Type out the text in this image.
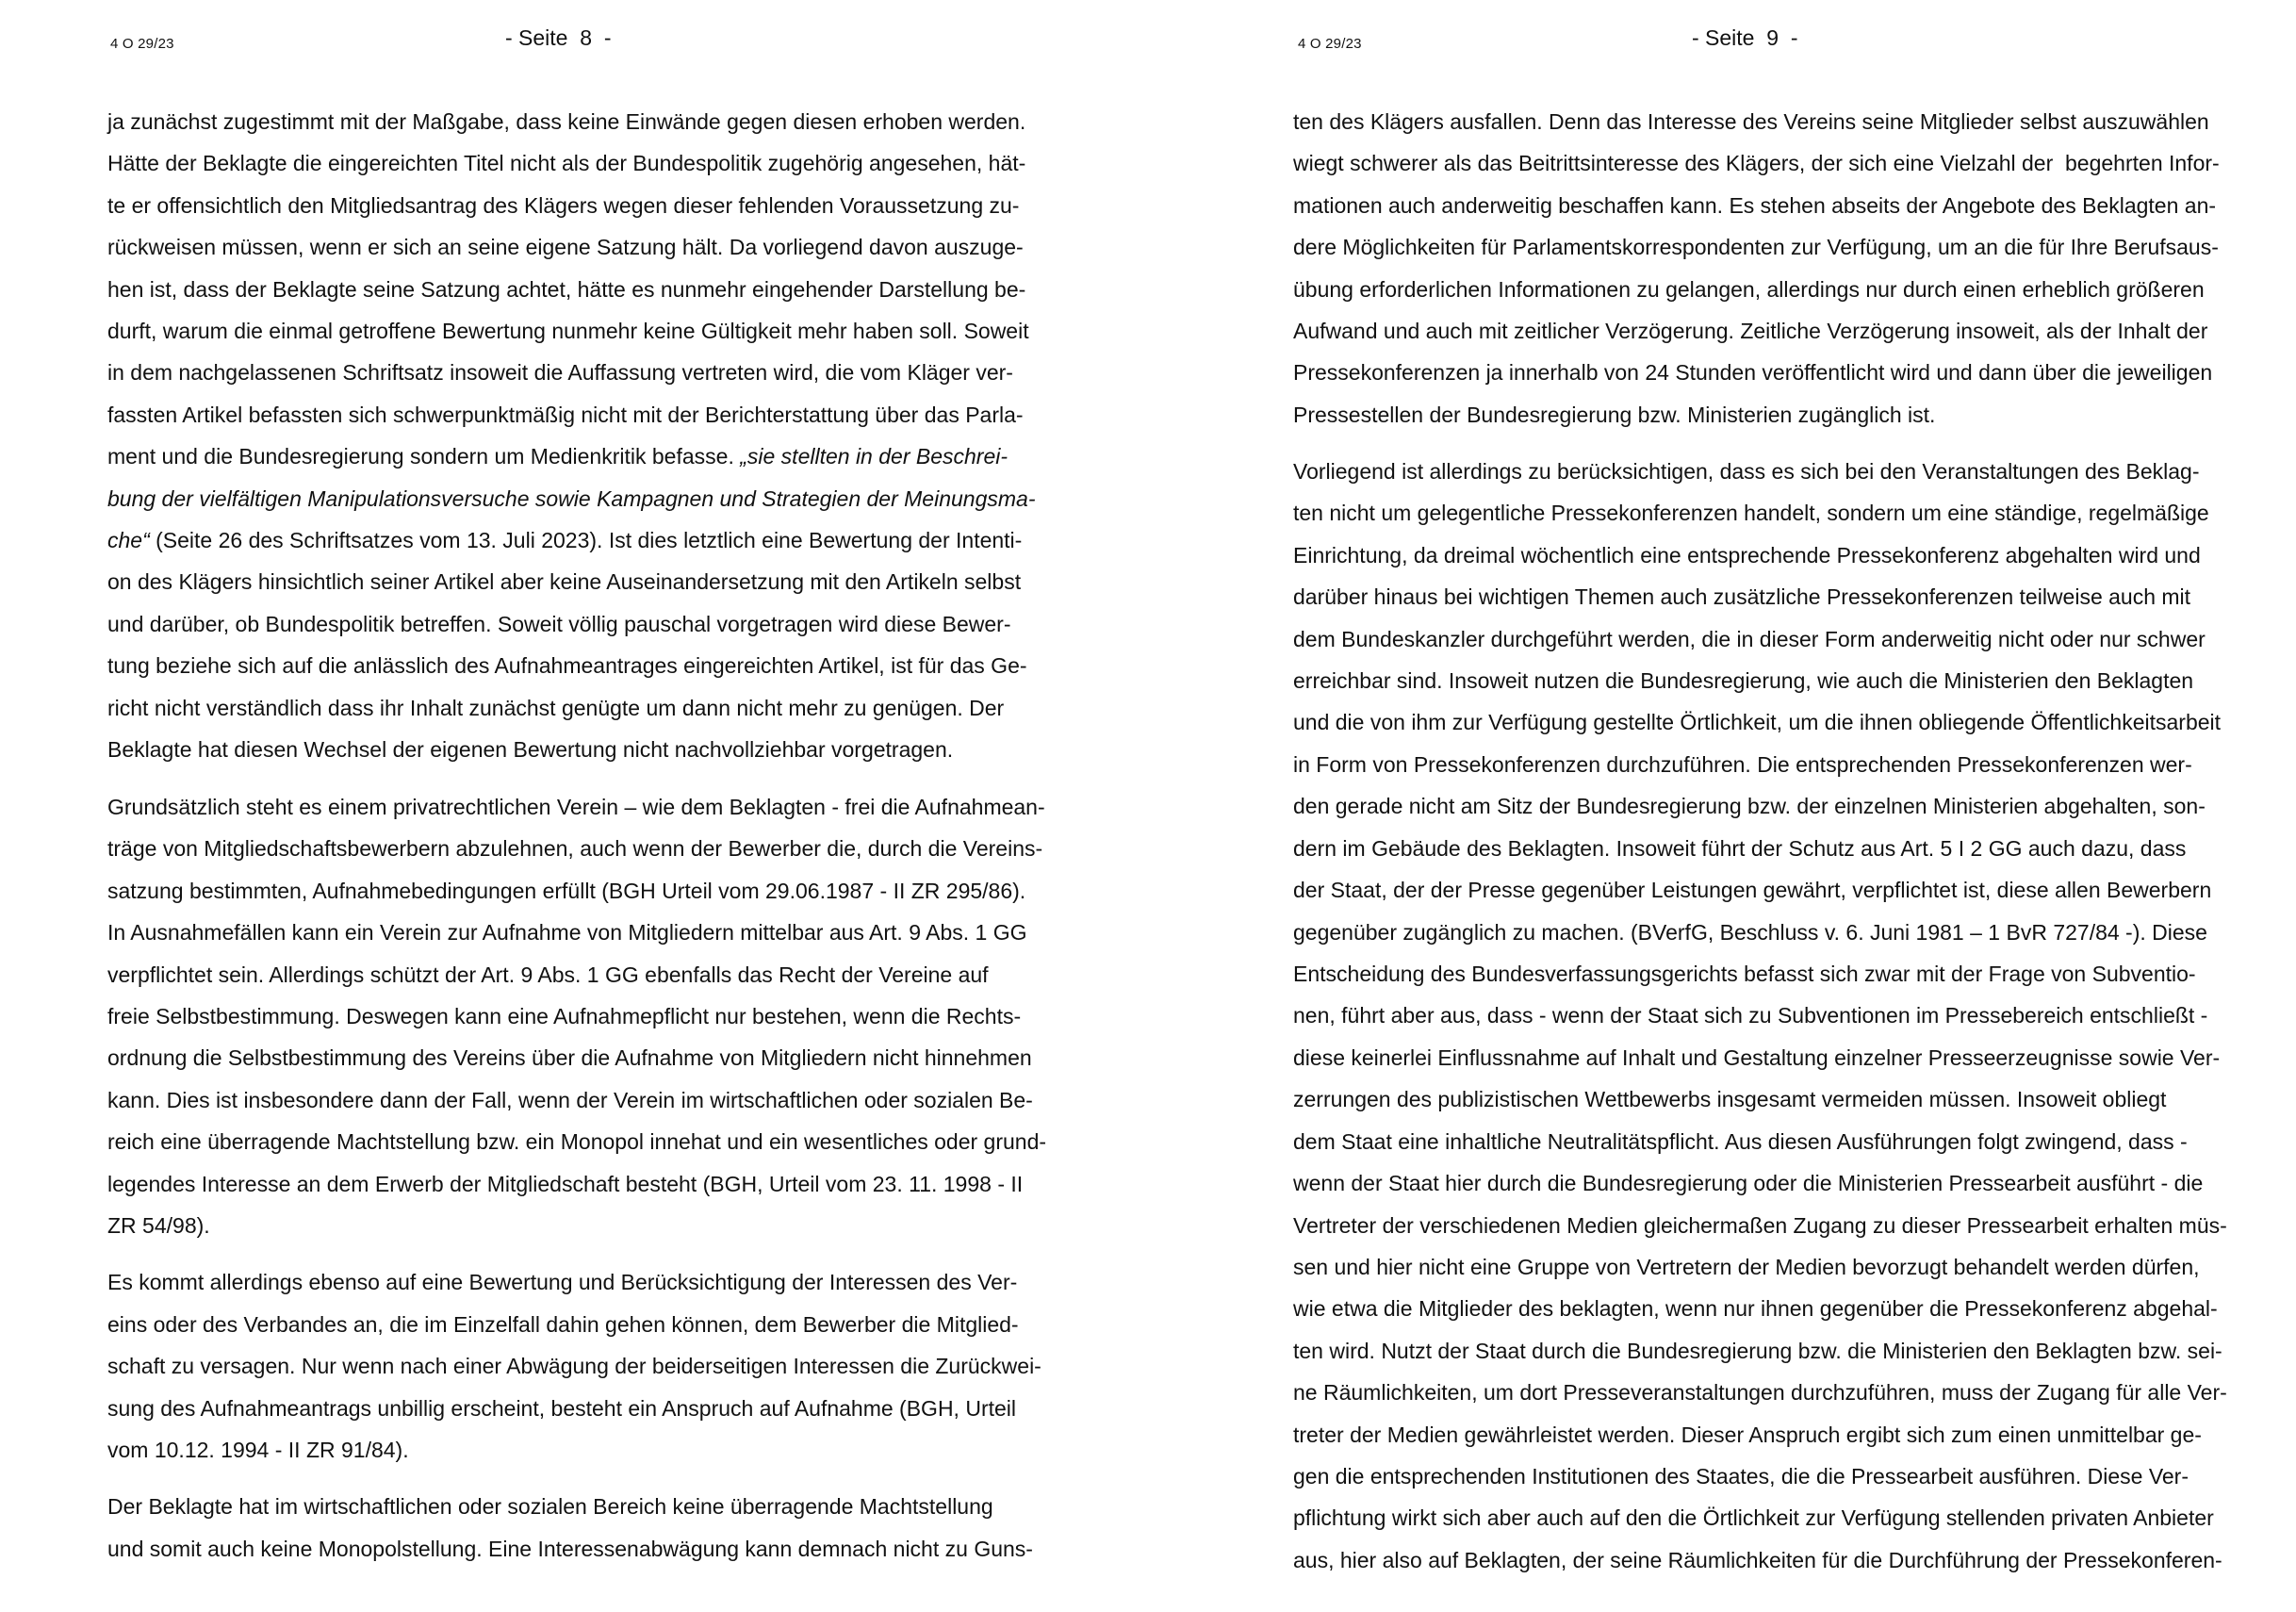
4 O 29/23	- Seite  8  -
ja zunächst zugestimmt mit der Maßgabe, dass keine Einwände gegen diesen erhoben werden.
Hätte der Beklagte die eingereichten Titel nicht als der Bundespolitik zugehörig angesehen, hät-
te er offensichtlich den Mitgliedsantrag des Klägers wegen dieser fehlenden Voraussetzung zu-
rückweisen müssen, wenn er sich an seine eigene Satzung hält. Da vorliegend davon auszuge-
hen ist, dass der Beklagte seine Satzung achtet, hätte es nunmehr eingehender Darstellung be-
durft, warum die einmal getroffene Bewertung nunmehr keine Gültigkeit mehr haben soll. Soweit
in dem nachgelassenen Schriftsatz insoweit die Auffassung vertreten wird, die vom Kläger ver-
fassten Artikel befassten sich schwerpunktmäßig nicht mit der Berichterstattung über das Parla-
ment und die Bundesregierung sondern um Medienkritik befasse. „sie stellten in der Beschrei-
bung der vielfältigen Manipulationsversuche sowie Kampagnen und Strategien der Meinungsma-
che“ (Seite 26 des Schriftsatzes vom 13. Juli 2023). Ist dies letztlich eine Bewertung der Intenti-
on des Klägers hinsichtlich seiner Artikel aber keine Auseinandersetzung mit den Artikeln selbst
und darüber, ob Bundespolitik betreffen. Soweit völlig pauschal vorgetragen wird diese Bewer-
tung beziehe sich auf die anlässlich des Aufnahmeantrages eingereichten Artikel, ist für das Ge-
richt nicht verständlich dass ihr Inhalt zunächst genügte um dann nicht mehr zu genügen. Der
Beklagte hat diesen Wechsel der eigenen Bewertung nicht nachvollziehbar vorgetragen.
Grundsätzlich steht es einem privatrechtlichen Verein – wie dem Beklagten - frei die Aufnahmean-
träge von Mitgliedschaftsbewerbern abzulehnen, auch wenn der Bewerber die, durch die Vereins-
satzung bestimmten, Aufnahmebedingungen erfüllt (BGH Urteil vom 29.06.1987 - II ZR 295/86).
In Ausnahmefällen kann ein Verein zur Aufnahme von Mitgliedern mittelbar aus Art. 9 Abs. 1 GG
verpflichtet sein. Allerdings schützt der Art. 9 Abs. 1 GG ebenfalls das Recht der Vereine auf
freie Selbstbestimmung. Deswegen kann eine Aufnahmepflicht nur bestehen, wenn die Rechts-
ordnung die Selbstbestimmung des Vereins über die Aufnahme von Mitgliedern nicht hinnehmen
kann. Dies ist insbesondere dann der Fall, wenn der Verein im wirtschaftlichen oder sozialen Be-
reich eine überragende Machtstellung bzw. ein Monopol innehat und ein wesentliches oder grund-
legendes Interesse an dem Erwerb der Mitgliedschaft besteht (BGH, Urteil vom 23. 11. 1998 - II
ZR 54/98).
Es kommt allerdings ebenso auf eine Bewertung und Berücksichtigung der Interessen des Ver-
eins oder des Verbandes an, die im Einzelfall dahin gehen können, dem Bewerber die Mitglied-
schaft zu versagen. Nur wenn nach einer Abwägung der beiderseitigen Interessen die Zurückwei-
sung des Aufnahmeantrags unbillig erscheint, besteht ein Anspruch auf Aufnahme (BGH, Urteil
vom 10.12. 1994 - II ZR 91/84).
Der Beklagte hat im wirtschaftlichen oder sozialen Bereich keine überragende Machtstellung
und somit auch keine Monopolstellung. Eine Interessenabwägung kann demnach nicht zu Guns-
4 O 29/23	- Seite  9  -
ten des Klägers ausfallen. Denn das Interesse des Vereins seine Mitglieder selbst auszuwählen
wiegt schwerer als das Beitrittsinteresse des Klägers, der sich eine Vielzahl der  begehrten Infor-
mationen auch anderweitig beschaffen kann. Es stehen abseits der Angebote des Beklagten an-
dere Möglichkeiten für Parlamentskorrespondenten zur Verfügung, um an die für Ihre Berufsaus-
übung erforderlichen Informationen zu gelangen, allerdings nur durch einen erheblich größeren
Aufwand und auch mit zeitlicher Verzögerung. Zeitliche Verzögerung insoweit, als der Inhalt der
Pressekonferenzen ja innerhalb von 24 Stunden veröffentlicht wird und dann über die jeweiligen
Pressestellen der Bundesregierung bzw. Ministerien zugänglich ist.
Vorliegend ist allerdings zu berücksichtigen, dass es sich bei den Veranstaltungen des Beklag-
ten nicht um gelegentliche Pressekonferenzen handelt, sondern um eine ständige, regelmäßige
Einrichtung, da dreimal wöchentlich eine entsprechende Pressekonferenz abgehalten wird und
darüber hinaus bei wichtigen Themen auch zusätzliche Pressekonferenzen teilweise auch mit
dem Bundeskanzler durchgeführt werden, die in dieser Form anderweitig nicht oder nur schwer
erreichbar sind. Insoweit nutzen die Bundesregierung, wie auch die Ministerien den Beklagten
und die von ihm zur Verfügung gestellte Örtlichkeit, um die ihnen obliegende Öffentlichkeitsarbeit
in Form von Pressekonferenzen durchzuführen. Die entsprechenden Pressekonferenzen wer-
den gerade nicht am Sitz der Bundesregierung bzw. der einzelnen Ministerien abgehalten, son-
dern im Gebäude des Beklagten. Insoweit führt der Schutz aus Art. 5 I 2 GG auch dazu, dass
der Staat, der der Presse gegenüber Leistungen gewährt, verpflichtet ist, diese allen Bewerbern
gegenüber zugänglich zu machen. (BVerfG, Beschluss v. 6. Juni 1981 – 1 BvR 727/84 -). Diese
Entscheidung des Bundesverfassungsgerichts befasst sich zwar mit der Frage von Subventio-
nen, führt aber aus, dass - wenn der Staat sich zu Subventionen im Pressebereich entschließt -
diese keinerlei Einflussnahme auf Inhalt und Gestaltung einzelner Presseerzeugnisse sowie Ver-
zerrungen des publizistischen Wettbewerbs insgesamt vermeiden müssen. Insoweit obliegt
dem Staat eine inhaltliche Neutralitätspflicht. Aus diesen Ausführungen folgt zwingend, dass -
wenn der Staat hier durch die Bundesregierung oder die Ministerien Pressearbeit ausführt - die
Vertreter der verschiedenen Medien gleichermaßen Zugang zu dieser Pressearbeit erhalten müs-
sen und hier nicht eine Gruppe von Vertretern der Medien bevorzugt behandelt werden dürfen,
wie etwa die Mitglieder des beklagten, wenn nur ihnen gegenüber die Pressekonferenz abgehal-
ten wird. Nutzt der Staat durch die Bundesregierung bzw. die Ministerien den Beklagten bzw. sei-
ne Räumlichkeiten, um dort Presseveranstaltungen durchzuführen, muss der Zugang für alle Ver-
treter der Medien gewährleistet werden. Dieser Anspruch ergibt sich zum einen unmittelbar ge-
gen die entsprechenden Institutionen des Staates, die die Pressearbeit ausführen. Diese Ver-
pflichtung wirkt sich aber auch auf den die Örtlichkeit zur Verfügung stellenden privaten Anbieter
aus, hier also auf Beklagten, der seine Räumlichkeiten für die Durchführung der Pressekonferen-
